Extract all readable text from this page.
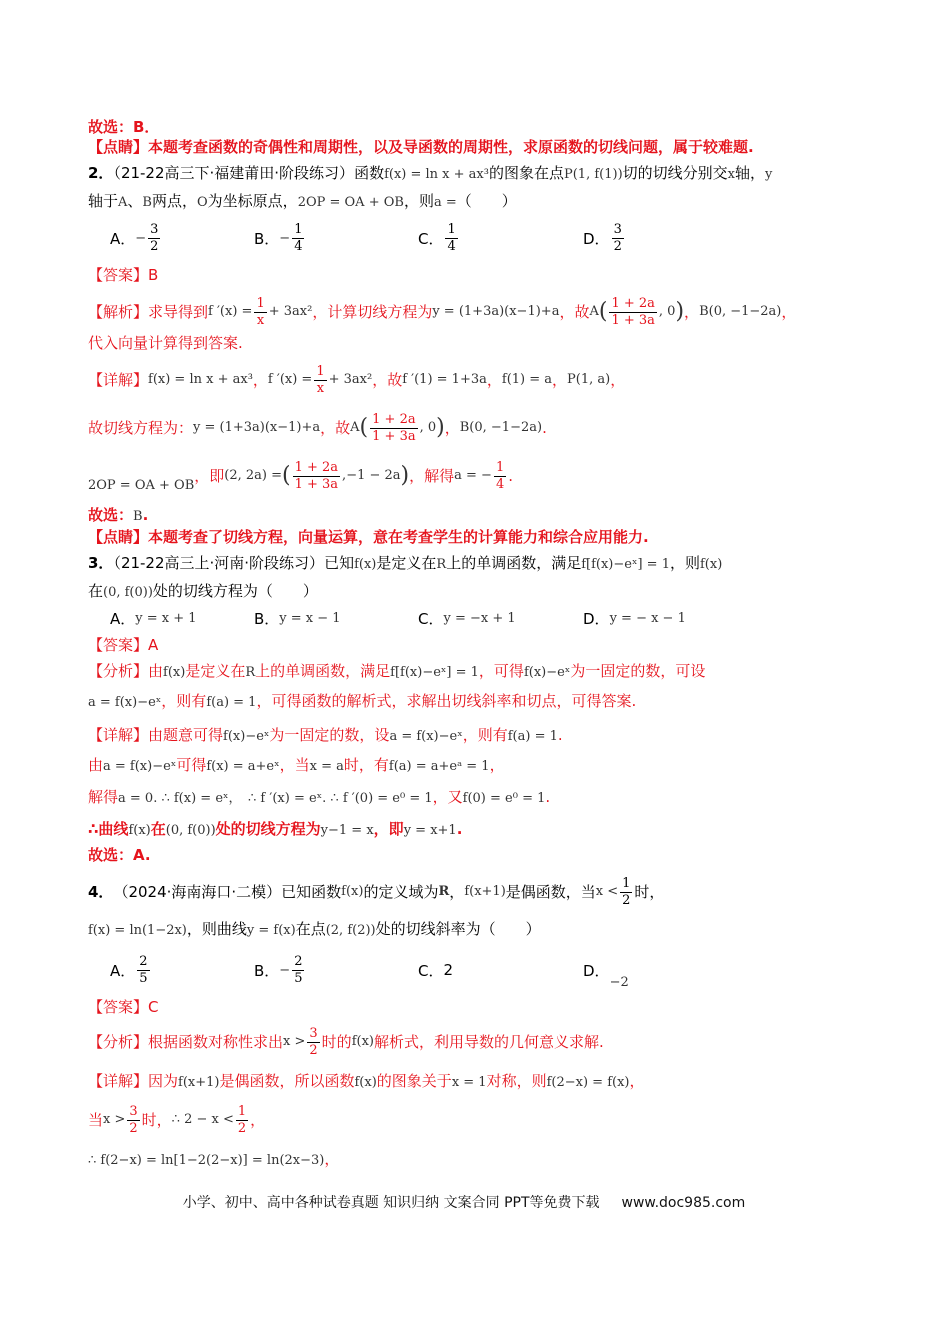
故选：B．
【点睛】本题考查函数的奇偶性和周期性，以及导函数的周期性，求原函数的切线问题，属于较难题.
2．（21-22高三下·福建莆田·阶段练习）函数f(x) = ln x + ax³的图象在点P(1, f(1))切的切线分别交x轴，y
轴于A、B两点，O为坐标原点，2OP = OA + OB，则a =（　　）
A． − $\frac{3}{2}$	B． − $\frac{1}{4}$	C． $\frac{1}{4}$	D． $\frac{3}{2}$
【答案】B
【解析】 求导得到 f $'(x) = \frac{1}{x} + 3ax^2$ ，计算切线方程为 y = (1+3a)(x−1)+a ，故 A ( $\frac{1 + 2a}{1 + 3a}$ , 0 ) ， B(0, −1−2a) ，
代入向量计算得到答案.
【详解】 f(x) = ln x + ax³ ， f $'(x) = \frac{1}{x} + 3ax^2$ ，故 f ′(1) = 1+3a ， f(1) = a ， P(1, a) ，
故切线方程为： y = (1+3a)(x−1)+a ，故 A ( $\frac{1 + 2a}{1 + 3a}$ , 0 ) ， B(0, −1−2a) .
2OP = OA + OB
，即 (2, 2a) = ( $\frac{1 + 2a}{1 + 3a}$ , −1 − 2a ) ，解得 a = − $\frac{1}{4}$ .
故选：B.
【点睛】本题考查了切线方程，向量运算，意在考查学生的计算能力和综合应用能力.
3．（21-22高三上·河南·阶段练习）已知f(x)是定义在R上的单调函数，满足f[f(x)−eˣ] = 1，则f(x)
在(0, f(0))处的切线方程为（　　）
A． y = x + 1	B． y = x − 1	C． y = −x + 1	D． y = − x − 1
【答案】A
【分析】由f(x)是定义在R上的单调函数，满足f[f(x)−eˣ] = 1，可得f(x)−eˣ为一固定的数，可设
a = f(x)−eˣ，则有f(a) = 1，可得函数的解析式，求解出切线斜率和切点，可得答案.
【详解】由题意可得f(x)−eˣ为一固定的数，设a = f(x)−eˣ，则有f(a) = 1.
由a = f(x)−eˣ可得f(x) = a+eˣ，当x = a时，有f(a) = a+eᵃ = 1，
解得a = 0. ∴ f(x) = eˣ，　∴ f ′(x) = eˣ. ∴ f ′(0) = e⁰ = 1，又f(0) = e⁰ = 1.
∴曲线f(x)在(0, f(0))处的切线方程为y−1 = x，即y = x+1.
故选：A.
4． （2024·海南海口·二模） 已知函数 f(x) 的定义域为 R ， f(x+1) 是偶函数，当 $x < \frac{1}{2}$ 时，
f(x) = ln(1−2x)，则曲线y = f(x)在点(2, f(2))处的切线斜率为（　　）
A． $\frac{2}{5}$	B． − $\frac{2}{5}$	C． 2	D．
−2
【答案】C
【分析】 根据函数对称性求出 $x > \frac{3}{2}$ 时的 f(x) 解析式，利用导数的几何意义求解.
【详解】因为f(x+1)是偶函数，所以函数f(x)的图象关于x = 1对称，则f(2−x) = f(x)，
当 $x > \frac{3}{2}$ 时， ∴ $2 - x < \frac{1}{2}$ ，
∴ f(2−x) = ln[1−2(2−x)] = ln(2x−3)，
小学、初中、高中各种试卷真题 知识归纳 文案合同 PPT等免费下载 www.doc985.com
